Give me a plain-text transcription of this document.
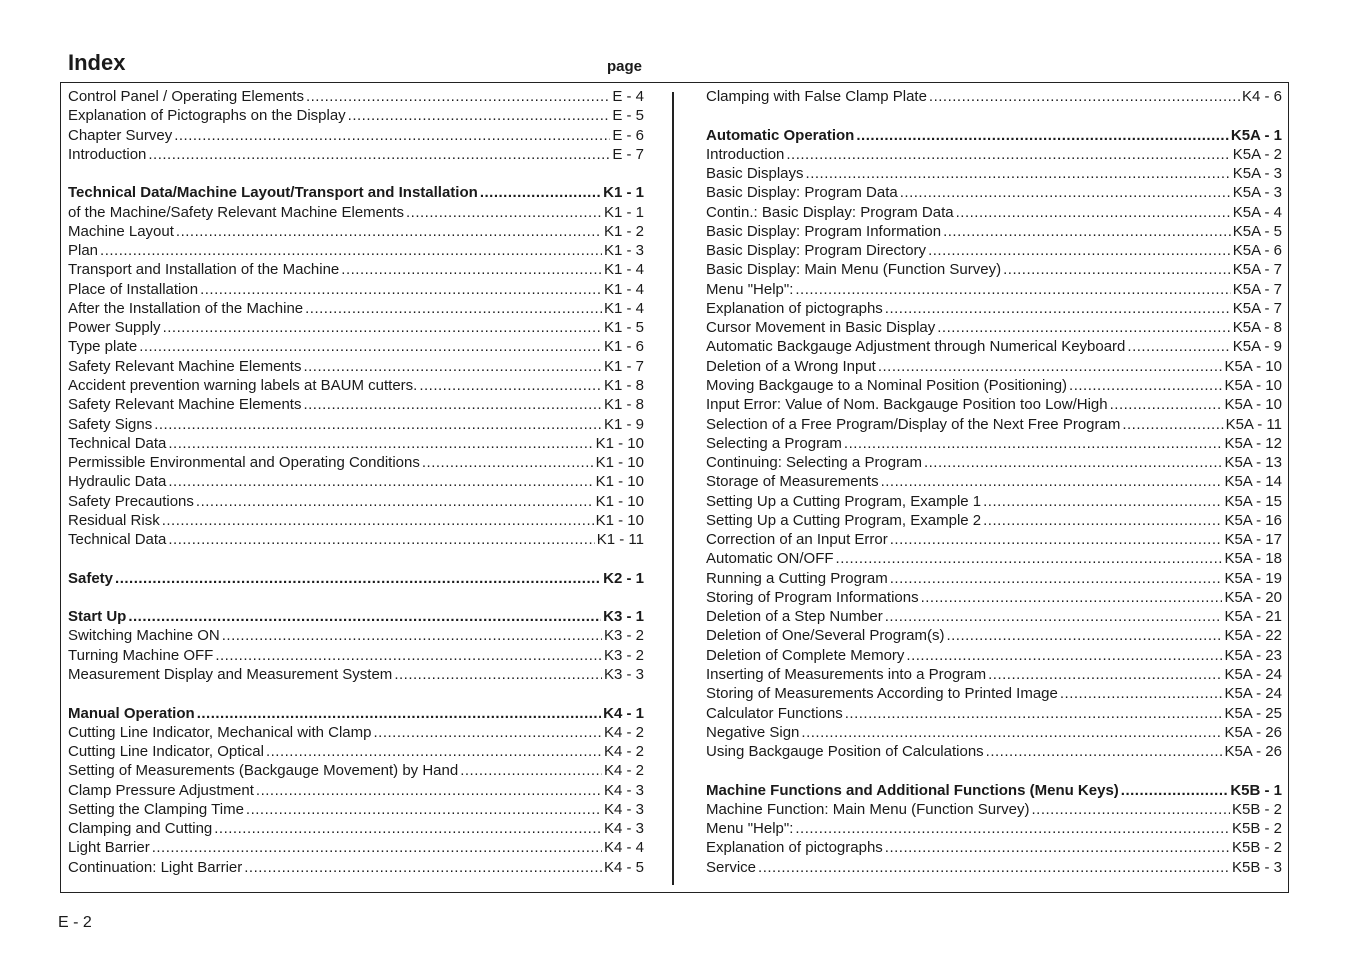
Index	page
Control Panel / Operating Elements .....	E - 4
Explanation of Pictographs on the Display .....	E - 5
Chapter Survey .....	E - 6
Introduction .....	E - 7
Technical Data/Machine Layout/Transport and Installation .....	K1 - 1
of the Machine/Safety Relevant Machine Elements .....	K1 - 1
Machine Layout .....	K1 - 2
Plan .....	K1 - 3
Transport and Installation of the Machine .....	K1 - 4
Place of Installation .....	K1 - 4
After the Installation of the Machine .....	K1 - 4
Power Supply .....	K1 - 5
Type plate .....	K1 - 6
Safety Relevant Machine Elements .....	K1 - 7
Accident prevention warning labels at BAUM cutters. .....	K1 - 8
Safety Relevant Machine Elements .....	K1 - 8
Safety Signs .....	K1 - 9
Technical Data .....	K1 - 10
Permissible Environmental and Operating Conditions .....	K1 - 10
Hydraulic Data .....	K1 - 10
Safety Precautions .....	K1 - 10
Residual Risk .....	K1 - 10
Technical Data .....	K1 - 11
Safety .....	K2 - 1
Start Up .....	K3 - 1
Switching Machine ON .....	K3 - 2
Turning Machine OFF .....	K3 - 2
Measurement Display and Measurement System .....	K3 - 3
Manual Operation .....	K4 - 1
Cutting Line Indicator, Mechanical with Clamp .....	K4 - 2
Cutting Line Indicator, Optical .....	K4 - 2
Setting of Measurements (Backgauge Movement) by Hand .....	K4 - 2
Clamp Pressure Adjustment .....	K4 - 3
Setting the Clamping Time .....	K4 - 3
Clamping and Cutting .....	K4 - 3
Light Barrier .....	K4 - 4
Continuation: Light Barrier .....	K4 - 5
Clamping with False Clamp Plate .....	K4 - 6
Automatic Operation .....	K5A - 1
Introduction .....	K5A - 2
Basic Displays .....	K5A - 3
Basic Display: Program Data .....	K5A - 3
Contin.: Basic Display: Program Data .....	K5A - 4
Basic Display: Program Information .....	K5A - 5
Basic Display: Program Directory .....	K5A - 6
Basic Display: Main Menu (Function Survey) .....	K5A - 7
Menu "Help": .....	K5A - 7
Explanation of pictographs .....	K5A - 7
Cursor Movement in Basic Display .....	K5A - 8
Automatic Backgauge Adjustment through Numerical Keyboard .....	K5A - 9
Deletion of a Wrong Input .....	K5A - 10
Moving Backgauge to a Nominal Position (Positioning) .....	K5A - 10
Input Error: Value of Nom. Backgauge Position too Low/High .....	K5A - 10
Selection of a Free Program/Display of the Next Free Program .....	K5A - 11
Selecting a Program .....	K5A - 12
Continuing: Selecting a Program .....	K5A - 13
Storage of Measurements .....	K5A - 14
Setting Up a Cutting Program, Example 1 .....	K5A - 15
Setting Up a Cutting Program, Example 2 .....	K5A - 16
Correction of an Input Error .....	K5A - 17
Automatic ON/OFF .....	K5A - 18
Running a Cutting Program .....	K5A - 19
Storing of Program Informations .....	K5A - 20
Deletion of a Step Number .....	K5A - 21
Deletion of One/Several Program(s) .....	K5A - 22
Deletion of Complete Memory .....	K5A - 23
Inserting of Measurements into a Program .....	K5A - 24
Storing of Measurements According to Printed Image .....	K5A - 24
Calculator Functions .....	K5A - 25
Negative Sign .....	K5A - 26
Using Backgauge Position of Calculations .....	K5A - 26
Machine Functions and Additional Functions (Menu Keys) .....	K5B - 1
Machine Function: Main Menu (Function Survey) .....	K5B - 2
Menu "Help": .....	K5B - 2
Explanation of pictographs .....	K5B - 2
Service .....	K5B - 3
E - 2
